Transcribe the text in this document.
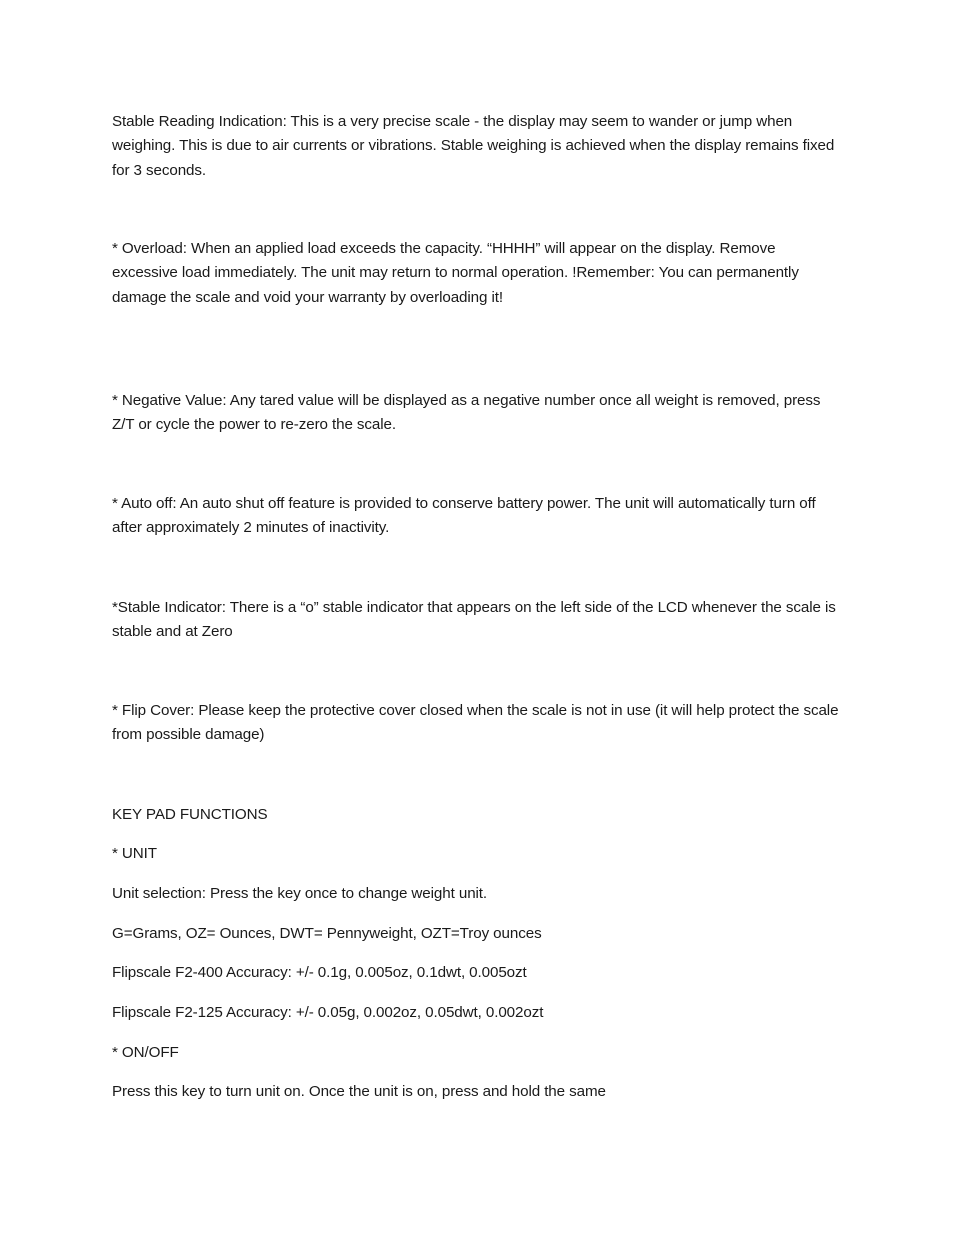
Stable Reading Indication: This is a very precise scale - the display may seem to wander or jump when weighing. This is due to air currents or vibrations. Stable weighing is achieved when the display remains fixed for 3 seconds.

* Overload: When an applied load exceeds the capacity. “HHHH” will appear on the display. Remove excessive load immediately. The unit may return to normal operation. !Remember: You can permanently damage the scale and void your warranty by overloading it!

* Negative Value: Any tared value will be displayed as a negative number once all weight is removed, press Z/T or cycle the power to re-zero the scale.

* Auto off: An auto shut off feature is provided to conserve battery power. The unit will automatically turn off after approximately 2 minutes of inactivity.

*Stable Indicator: There is a “o” stable indicator that appears on the left side of the LCD whenever the scale is stable and at Zero

* Flip Cover: Please keep the protective cover closed when the scale is not in use (it will help protect the scale from possible damage)

KEY PAD FUNCTIONS

* UNIT

Unit selection: Press the key once to change weight unit.

G=Grams, OZ= Ounces, DWT= Pennyweight, OZT=Troy ounces

Flipscale F2-400 Accuracy: +/- 0.1g, 0.005oz, 0.1dwt, 0.005ozt

Flipscale F2-125 Accuracy: +/- 0.05g, 0.002oz, 0.05dwt, 0.002ozt

* ON/OFF

Press this key to turn unit on. Once the unit is on, press and hold the same
